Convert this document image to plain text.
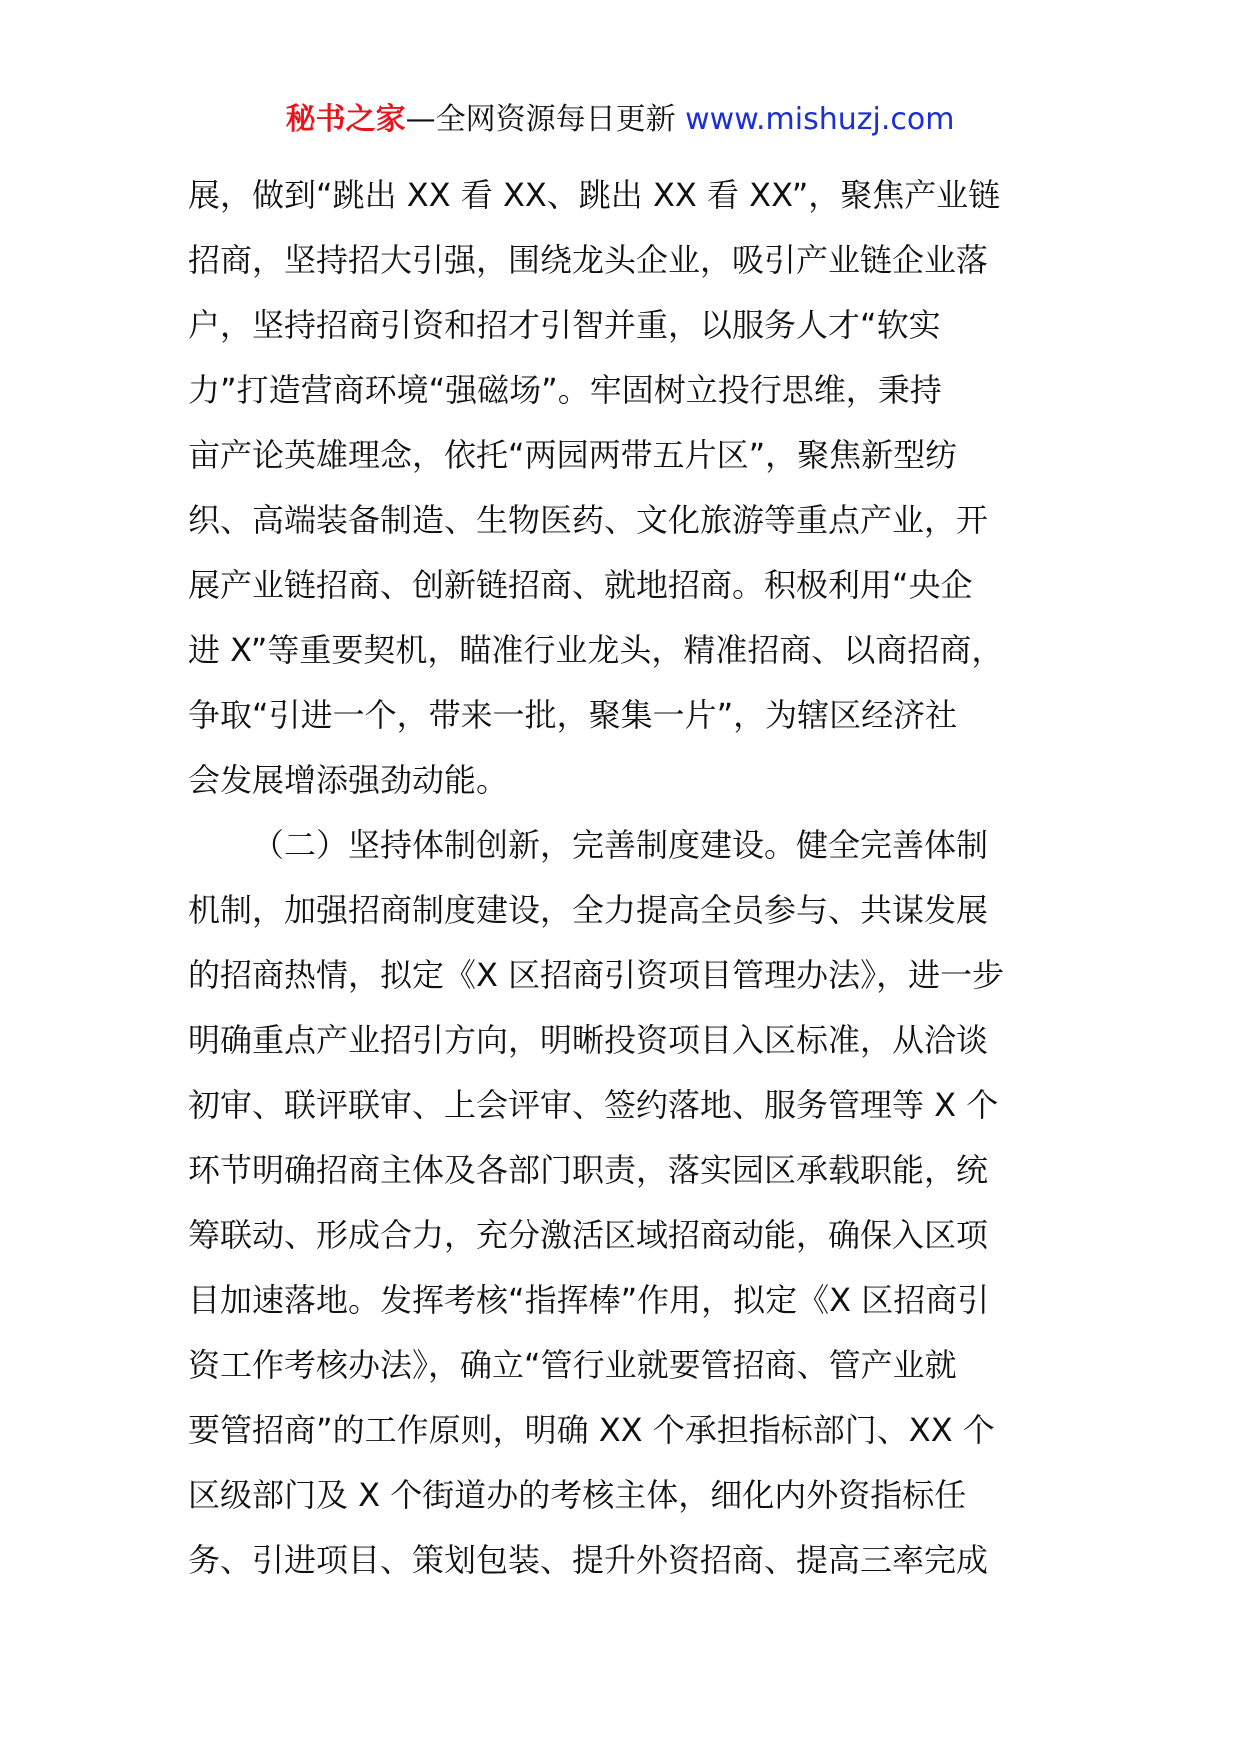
秘书之家—全网资源每日更新 www.mishuzj.com
展，做到“跳出 XX 看 XX、跳出 XX 看 XX”，聚焦产业链
招商，坚持招大引强，围绕龙头企业，吸引产业链企业落
户，坚持招商引资和招才引智并重，以服务人才“软实
力”打造营商环境“强磁场”。牢固树立投行思维，秉持
亩产论英雄理念，依托“两园两带五片区”，聚焦新型纺
织、高端装备制造、生物医药、文化旅游等重点产业，开
展产业链招商、创新链招商、就地招商。积极利用“央企
进 X”等重要契机，瞄准行业龙头，精准招商、以商招商，
争取“引进一个，带来一批，聚集一片”，为辖区经济社
会发展增添强劲动能。
（二）坚持体制创新，完善制度建设。健全完善体制
机制，加强招商制度建设，全力提高全员参与、共谋发展
的招商热情，拟定《X 区招商引资项目管理办法》，进一步
明确重点产业招引方向，明晰投资项目入区标准，从洽谈
初审、联评联审、上会评审、签约落地、服务管理等 X 个
环节明确招商主体及各部门职责，落实园区承载职能，统
筹联动、形成合力，充分激活区域招商动能，确保入区项
目加速落地。发挥考核“指挥棒”作用，拟定《X 区招商引
资工作考核办法》，确立“管行业就要管招商、管产业就
要管招商”的工作原则，明确 XX 个承担指标部门、XX 个
区级部门及 X 个街道办的考核主体，细化内外资指标任
务、引进项目、策划包装、提升外资招商、提高三率完成
